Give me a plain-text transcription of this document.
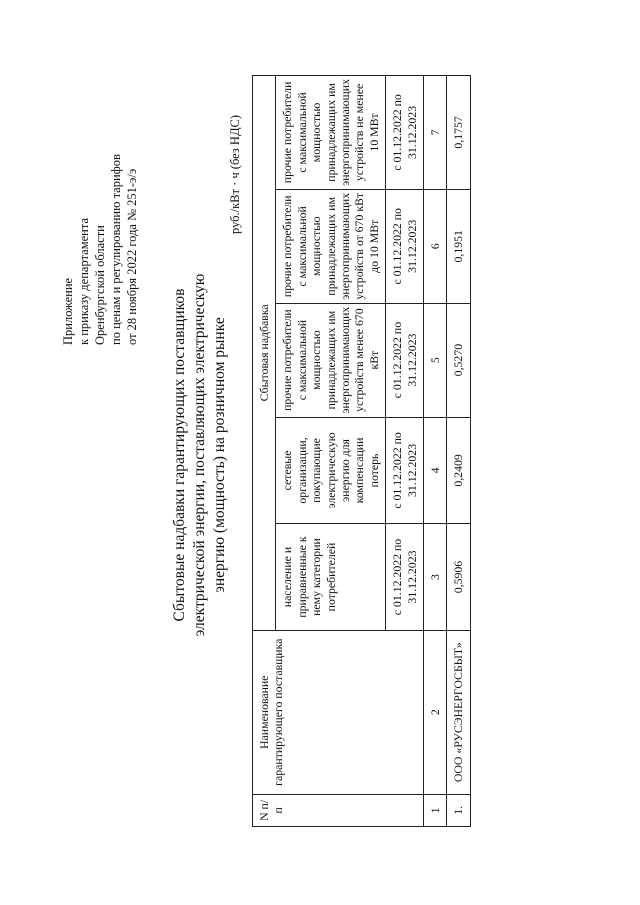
Приложение к приказу департамента Оренбургской области по ценам и регулированию тарифов от 28 ноября 2022 года № 251-э/э
Сбытовые надбавки гарантирующих поставщиков электрической энергии, поставляющих электрическую энергию (мощность) на розничном рынке
руб./кВт · ч (без НДС)
N п/п	Наименование гарантирующего поставщика	Сбытовая надбавка				
		население и приравненные к нему категории потребителей	сетевые организации, покупающие электрическую энергию для компенсации потерь	прочие потребители с максимальной мощностью принадлежащих им энергопринимающих устройств менее 670 кВт	прочие потребители с максимальной мощностью принадлежащих им энергопринимающих устройств от 670 кВт до 10 МВт	прочие потребители с максимальной мощностью принадлежащих им энергопринимающих устройств не менее 10 МВт
		с 01.12.2022 по 31.12.2023	с 01.12.2022 по 31.12.2023	с 01.12.2022 по 31.12.2023	с 01.12.2022 по 31.12.2023	с 01.12.2022 по 31.12.2023
1	2	3	4	5	6	7
1.	ООО «РУСЭНЕРГОСБЫТ»	0,5906	0,2409	0,5270	0,1951	0,1757
